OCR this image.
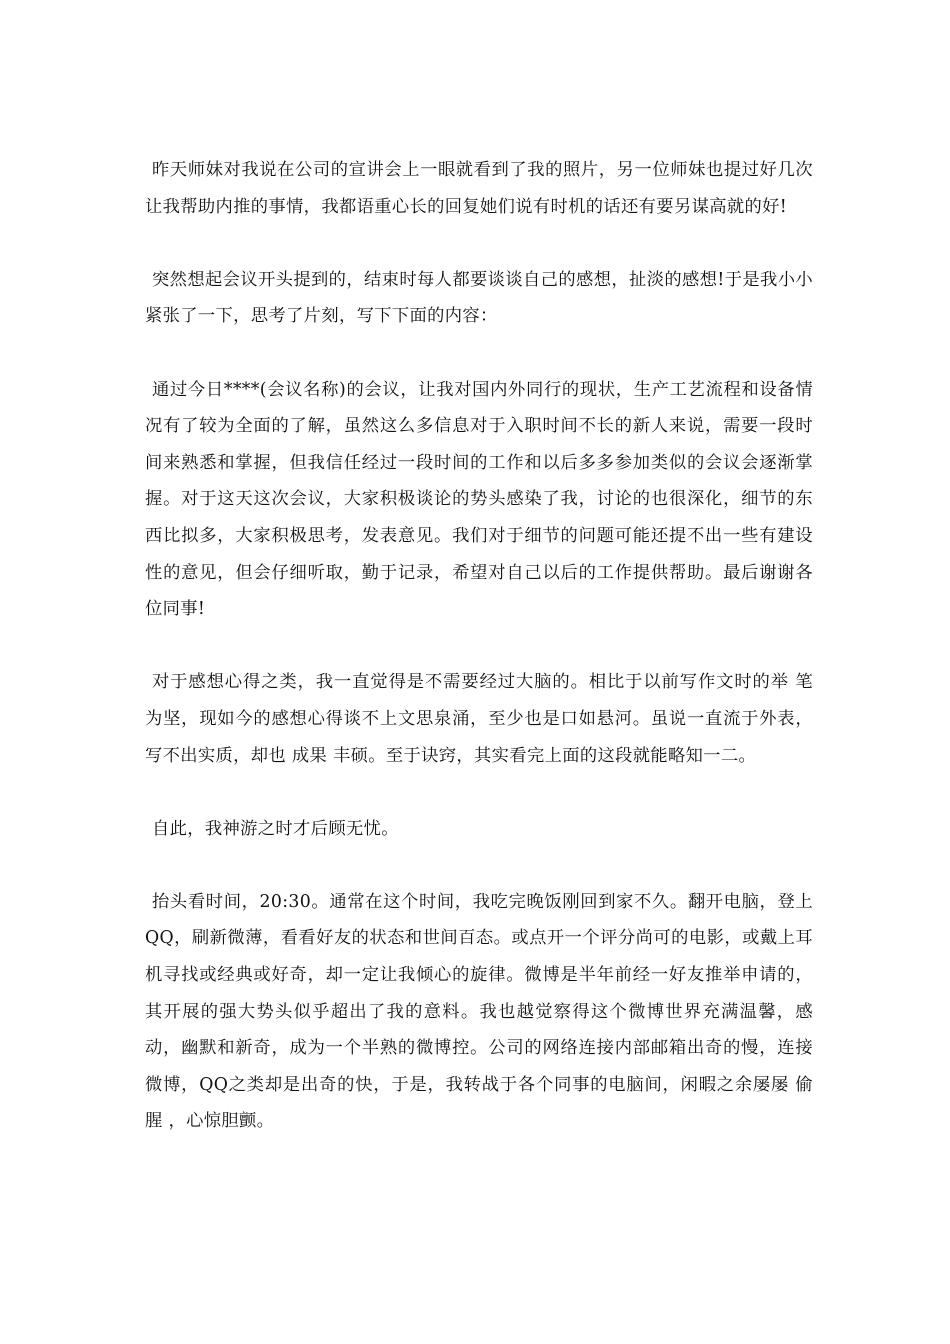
昨天师妹对我说在公司的宣讲会上一眼就看到了我的照片，另一位师妹也提过好几次让我帮助内推的事情，我都语重心长的回复她们说有时机的话还有要另谋高就的好!

突然想起会议开头提到的，结束时每人都要谈谈自己的感想，扯淡的感想!于是我小小紧张了一下，思考了片刻，写下下面的内容：

通过今日****(会议名称)的会议，让我对国内外同行的现状，生产工艺流程和设备情况有了较为全面的了解，虽然这么多信息对于入职时间不长的新人来说，需要一段时间来熟悉和掌握，但我信任经过一段时间的工作和以后多多参加类似的会议会逐渐掌握。对于这天这次会议，大家积极谈论的势头感染了我，讨论的也很深化，细节的东西比拟多，大家积极思考，发表意见。我们对于细节的问题可能还提不出一些有建设性的意见，但会仔细听取，勤于记录，希望对自己以后的工作提供帮助。最后谢谢各位同事!

对于感想心得之类，我一直觉得是不需要经过大脑的。相比于以前写作文时的举 笔 为坚，现如今的感想心得谈不上文思泉涌，至少也是口如悬河。虽说一直流于外表，写不出实质，却也 成果 丰硕。至于诀窍，其实看完上面的这段就能略知一二。

自此，我神游之时才后顾无忧。

抬头看时间，20:30。通常在这个时间，我吃完晚饭刚回到家不久。翻开电脑，登上QQ，刷新微薄，看看好友的状态和世间百态。或点开一个评分尚可的电影，或戴上耳机寻找或经典或好奇，却一定让我倾心的旋律。微博是半年前经一好友推举申请的，其开展的强大势头似乎超出了我的意料。我也越觉察得这个微博世界充满温馨，感动，幽默和新奇，成为一个半熟的微博控。公司的网络连接内部邮箱出奇的慢，连接微博，QQ之类却是出奇的快，于是，我转战于各个同事的电脑间，闲暇之余屡屡 偷腥 ，心惊胆颤。
